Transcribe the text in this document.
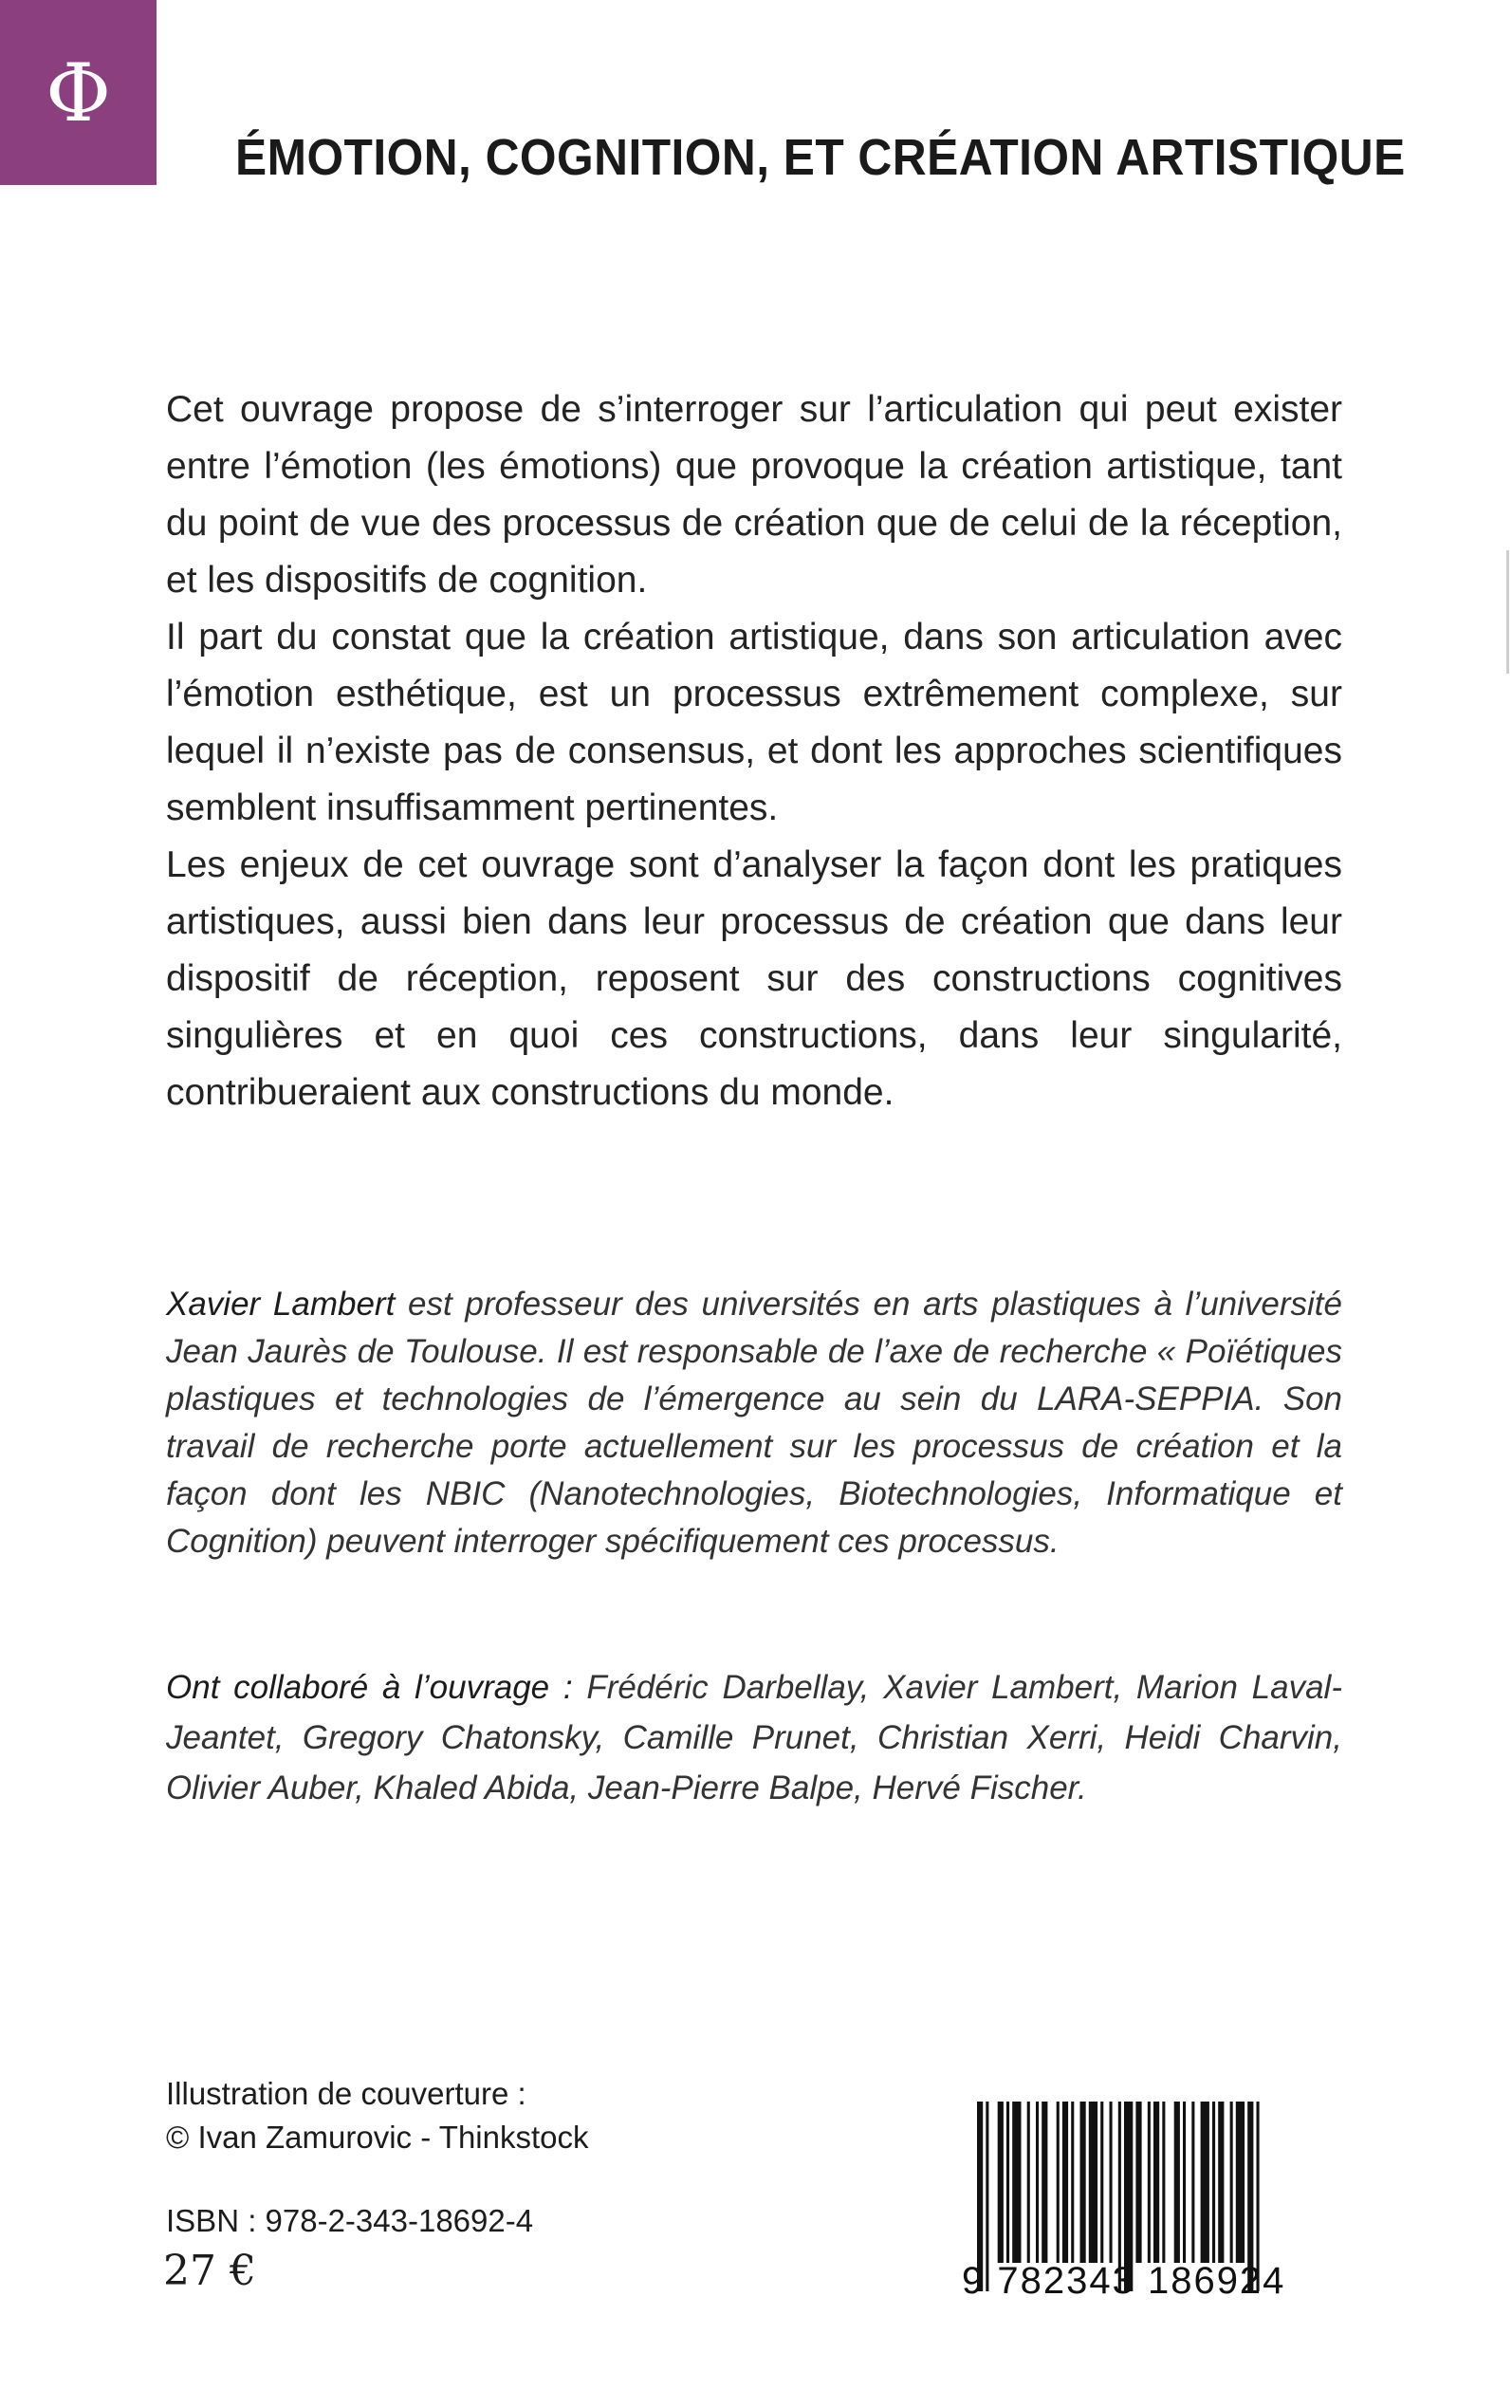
Φ
ÉMOTION, COGNITION, ET CRÉATION ARTISTIQUE

Cet ouvrage propose de s’interroger sur l’articulation qui peut exister entre l’émotion (les émotions) que provoque la création artistique, tant du point de vue des processus de création que de celui de la réception, et les dispositifs de cognition.

Il part du constat que la création artistique, dans son articulation avec l’émotion esthétique, est un processus extrêmement complexe, sur lequel il n’existe pas de consensus, et dont les approches scientifiques semblent insuffisamment pertinentes.

Les enjeux de cet ouvrage sont d’analyser la façon dont les pratiques artistiques, aussi bien dans leur processus de création que dans leur dispositif de réception, reposent sur des constructions cognitives singulières et en quoi ces constructions, dans leur singularité, contribueraient aux constructions du monde.

Xavier Lambert est professeur des universités en arts plastiques à l’université Jean Jaurès de Toulouse. Il est responsable de l’axe de recherche « Poïétiques plastiques et technologies de l’émergence au sein du LARA-SEPPIA. Son travail de recherche porte actuellement sur les processus de création et la façon dont les NBIC (Nanotechnologies, Biotechnologies, Informatique et Cognition) peuvent interroger spécifiquement ces processus.

Ont collaboré à l’ouvrage : Frédéric Darbellay, Xavier Lambert, Marion Laval-Jeantet, Gregory Chatonsky, Camille Prunet, Christian Xerri, Heidi Charvin, Olivier Auber, Khaled Abida, Jean-Pierre Balpe, Hervé Fischer.

Illustration de couverture :
© Ivan Zamurovic - Thinkstock
ISBN : 978-2-343-18692-4
27 €	9 782343 186924
